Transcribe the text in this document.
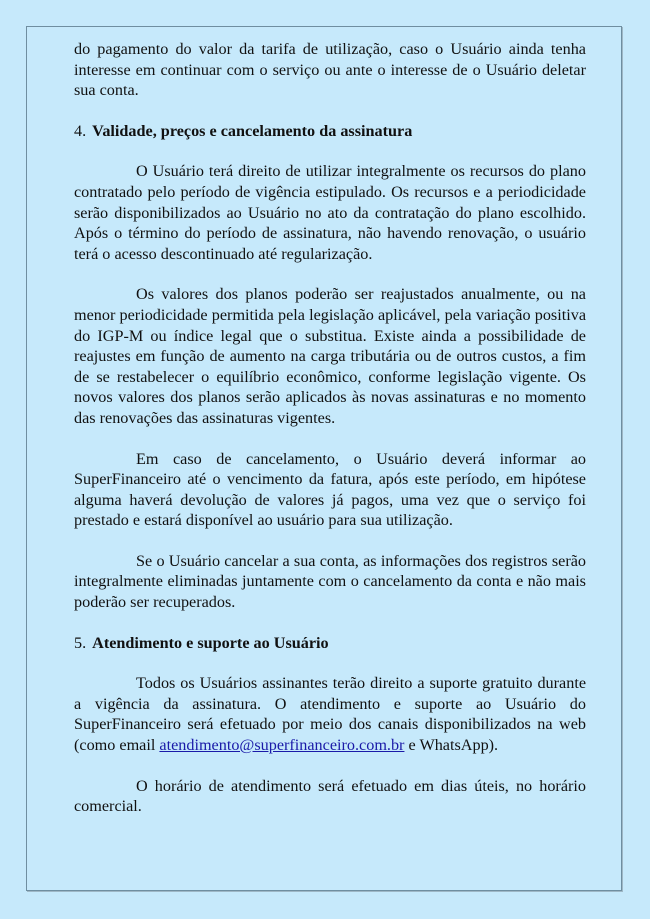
do pagamento do valor da tarifa de utilização, caso o Usuário ainda tenha interesse em continuar com o serviço ou ante o interesse de o Usuário deletar sua conta.

4. Validade, preços e cancelamento da assinatura

O Usuário terá direito de utilizar integralmente os recursos do plano contratado pelo período de vigência estipulado. Os recursos e a periodicidade serão disponibilizados ao Usuário no ato da contratação do plano escolhido. Após o término do período de assinatura, não havendo renovação, o usuário terá o acesso descontinuado até regularização.

Os valores dos planos poderão ser reajustados anualmente, ou na menor periodicidade permitida pela legislação aplicável, pela variação positiva do IGP-M ou índice legal que o substitua. Existe ainda a possibilidade de reajustes em função de aumento na carga tributária ou de outros custos, a fim de se restabelecer o equilíbrio econômico, conforme legislação vigente. Os novos valores dos planos serão aplicados às novas assinaturas e no momento das renovações das assinaturas vigentes.

Em caso de cancelamento, o Usuário deverá informar ao SuperFinanceiro até o vencimento da fatura, após este período, em hipótese alguma haverá devolução de valores já pagos, uma vez que o serviço foi prestado e estará disponível ao usuário para sua utilização.

Se o Usuário cancelar a sua conta, as informações dos registros serão integralmente eliminadas juntamente com o cancelamento da conta e não mais poderão ser recuperados.

5. Atendimento e suporte ao Usuário

Todos os Usuários assinantes terão direito a suporte gratuito durante a vigência da assinatura. O atendimento e suporte ao Usuário do SuperFinanceiro será efetuado por meio dos canais disponibilizados na web (como email atendimento@superfinanceiro.com.br e WhatsApp).

O horário de atendimento será efetuado em dias úteis, no horário comercial.
